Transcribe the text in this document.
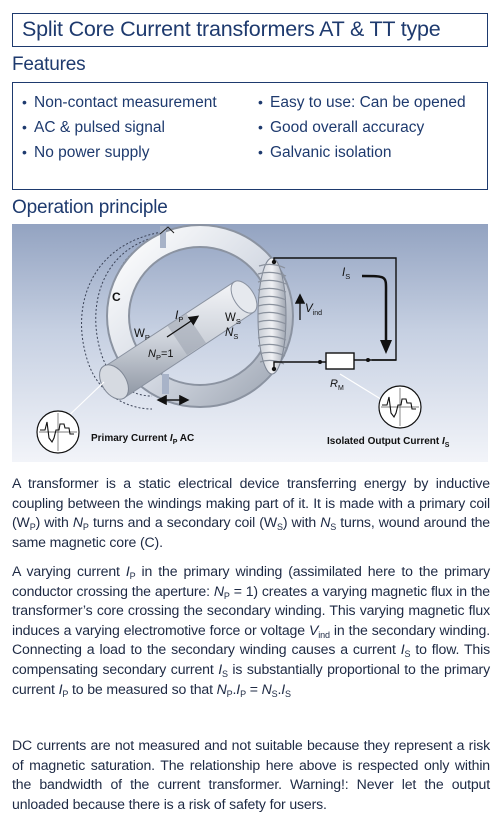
Split Core Current transformers AT & TT type
Features
• Non-contact measurement
• AC & pulsed signal
• No power supply
• Easy to use: Can be opened
• Good overall accuracy
• Galvanic isolation
Operation principle
C
$W_P$
$I_P$
$N_P=1$
$W_S$
$N_S$
$V_{ind}$
$I_S$
$R_M$
Primary Current $I_P$ AC	Isolated Output Current $I_S$

A transformer is a static electrical device transferring energy by inductive coupling between the windings making part of it. It is made with a primary coil $(W_P)$ with $N_P$ turns and a secondary coil $(W_S)$ with $N_S$ turns, wound around the same magnetic core (C).

A varying current $I_P$ in the primary winding (assimilated here to the primary conductor crossing the aperture: $N_P = 1$) creates a varying magnetic flux in the transformer’s core crossing the secondary winding. This varying magnetic flux induces a varying electromotive force or voltage $V_{ind}$ in the secondary winding. Connecting a load to the secondary winding causes a current $I_S$ to flow. This compensating secondary current $I_S$ is substantially proportional to the primary current $I_P$ to be measured so that $N_P.I_P = N_S.I_S$

DC currents are not measured and not suitable because they represent a risk of magnetic saturation. The relationship here above is respected only within the bandwidth of the current transformer. Warning!: Never let the output unloaded because there is a risk of safety for users.
